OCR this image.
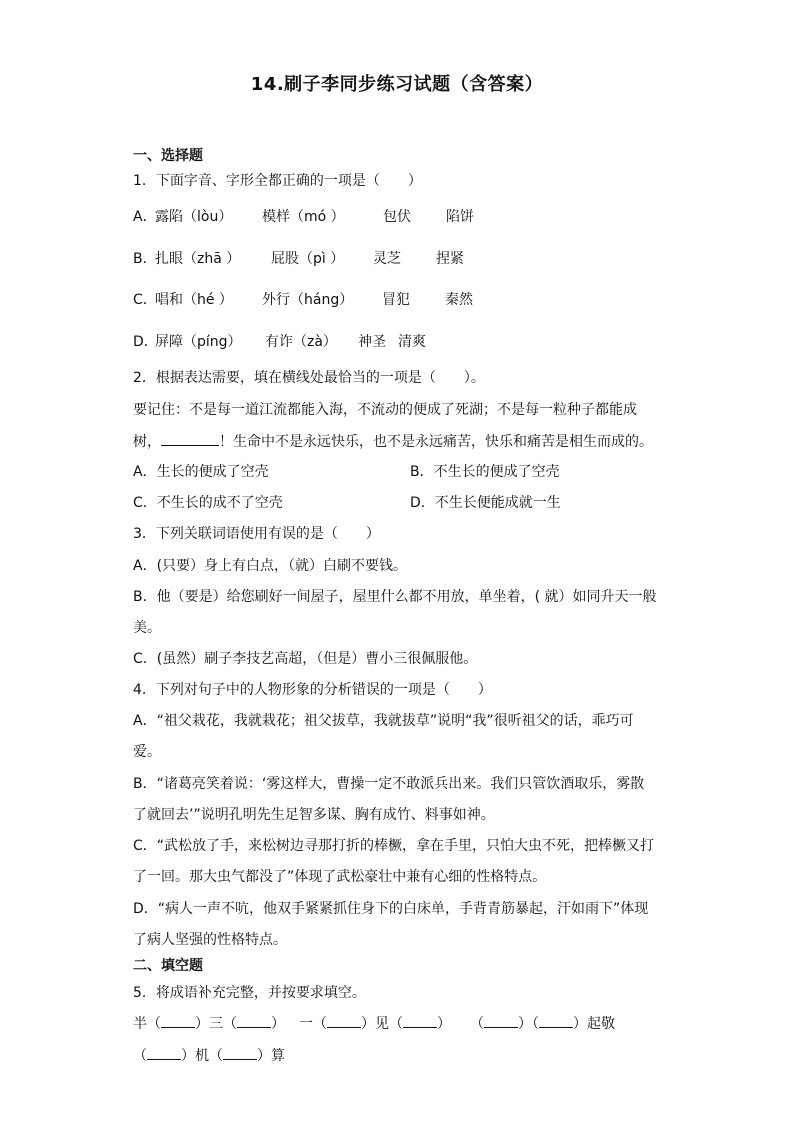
14.刷子李同步练习试题（含答案）
一、选择题
1．下面字音、字形全都正确的一项是（　　）
A．
露陷（lòu） 模样（mó ）	包伏	陷饼
B．
扎眼（zhā ） 屁股（pì ） 灵芝	捏紧
C．
唱和（hé ） 外行（háng） 冒犯	秦然
D．
屏障（píng） 有诈（zà） 神圣 清爽
2．根据表达需要，填在横线处最恰当的一项是（　　）。
要记住：不是每一道江流都能入海，不流动的便成了死湖；不是每一粒种子都能成
树，	！生命中不是永远快乐，也不是永远痛苦，快乐和痛苦是相生而成的。
A．生长的便成了空壳	B．不生长的便成了空壳
C．不生长的成不了空壳	D．不生长便能成就一生
3．下列关联词语使用有误的是（　　）
A．(只要）身上有白点，（就）白刷不要钱。
B．他（要是）给您刷好一间屋子，屋里什么都不用放，单坐着，( 就）如同升天一般
美。
C．(虽然）刷子李技艺高超，（但是）曹小三很佩服他。
4．下列对句子中的人物形象的分析错误的一项是（　　）
A．“祖父栽花，我就栽花；祖父拔草，我就拔草”说明“我”很听祖父的话，乖巧可
爱。
B．“诸葛亮笑着说：‘雾这样大，曹操一定不敢派兵出来。我们只管饮酒取乐，雾散
了就回去’”说明孔明先生足智多谋、胸有成竹、料事如神。
C．“武松放了手，来松树边寻那打折的棒橛，拿在手里，只怕大虫不死，把棒橛又打
了一回。那大虫气都没了”体现了武松豪壮中兼有心细的性格特点。
D．“病人一声不吭，他双手紧紧抓住身下的白床单，手背青筋暴起，汗如雨下”体现
了病人坚强的性格特点。
二、填空题
5．将成语补充完整，并按要求填空。
半（ ）三（ ） 一（ ）见（ ） （ ）（ ）起敬
（ ）机（ ）算
